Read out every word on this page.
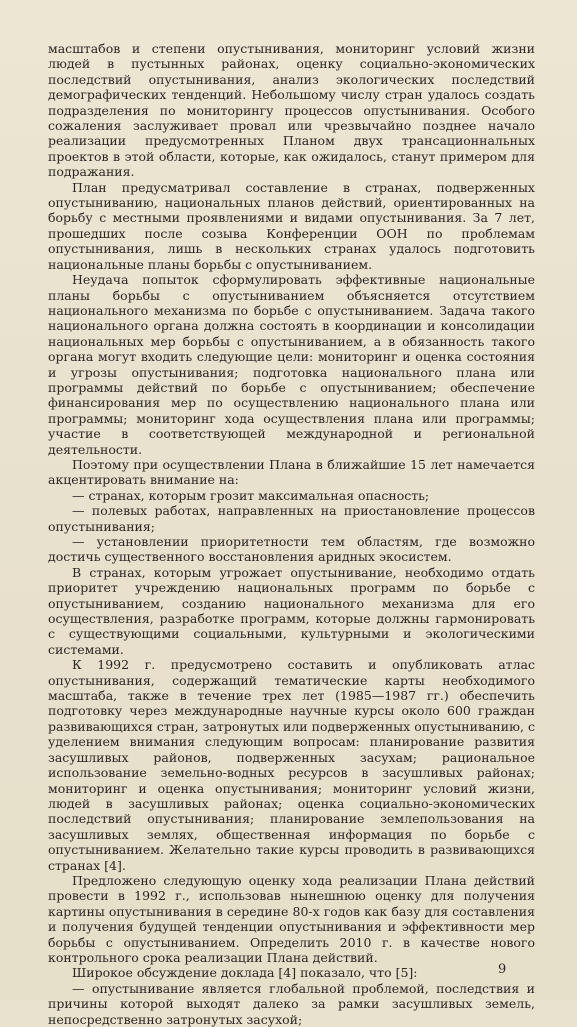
масштабов и степени опустынивания, мониторинг условий жизни людей в пустынных районах, оценку социально-экономических последствий опустынивания, анализ экологических последствий демографических тенденций. Небольшому числу стран удалось создать подразделения по мониторингу процессов опустынивания. Особого сожаления заслуживает провал или чрезвычайно позднее начало реализации предусмотренных Планом двух трансационнальных проектов в этой области, которые, как ожидалось, станут примером для подражания.

План предусматривал составление в странах, подверженных опустыниванию, национальных планов действий, ориентированных на борьбу с местными проявлениями и видами опустынивания. За 7 лет, прошедших после созыва Конференции ООН по проблемам опустынивания, лишь в нескольких странах удалось подготовить национальные планы борьбы с опустыниванием.

Неудача попыток сформулировать эффективные национальные планы борьбы с опустыниванием объясняется отсутствием национального механизма по борьбе с опустыниванием. Задача такого национального органа должна состоять в координации и консолидации национальных мер борьбы с опустыниванием, а в обязанность такого органа могут входить следующие цели: мониторинг и оценка состояния и угрозы опустынивания; подготовка национального плана или программы действий по борьбе с опустыниванием; обеспечение финансирования мер по осуществлению национального плана или программы; мониторинг хода осуществления плана или программы; участие в соответствующей международной и региональной деятельности.

Поэтому при осуществлении Плана в ближайшие 15 лет намечается акцентировать внимание на:

— странах, которым грозит максимальная опасность;

— полевых работах, направленных на приостановление процессов опустынивания;

— установлении приоритетности тем областям, где возможно достичь существенного восстановления аридных экосистем.

В странах, которым угрожает опустынивание, необходимо отдать приоритет учреждению национальных программ по борьбе с опустыниванием, созданию национального механизма для его осуществления, разработке программ, которые должны гармонировать с существующими социальными, культурными и экологическими системами.

К 1992 г. предусмотрено составить и опубликовать атлас опустынивания, содержащий тематические карты необходимого масштаба, также в течение трех лет (1985—1987 гг.) обеспечить подготовку через международные научные курсы около 600 граждан развивающихся стран, затронутых или подверженных опустыниванию, с уделением внимания следующим вопросам: планирование развития засушливых районов, подверженных засухам; рациональное использование земельно-водных ресурсов в засушливых районах; мониторинг и оценка опустынивания; мониторинг условий жизни, людей в засушливых районах; оценка социально-экономических последствий опустынивания; планирование землепользования на засушливых землях, общественная информация по борьбе с опустыниванием. Желательно такие курсы проводить в развивающихся странах [4].

Предложено следующую оценку хода реализации Плана действий провести в 1992 г., использовав нынешнюю оценку для получения картины опустынивания в середине 80-х годов как базу для составления и получения будущей тенденции опустынивания и эффективности мер борьбы с опустыниванием. Определить 2010 г. в качестве нового контрольного срока реализации Плана действий.

Широкое обсуждение доклада [4] показало, что [5]:

— опустынивание является глобальной проблемой, последствия и причины которой выходят далеко за рамки засушливых земель, непосредственно затронутых засухой;

9
